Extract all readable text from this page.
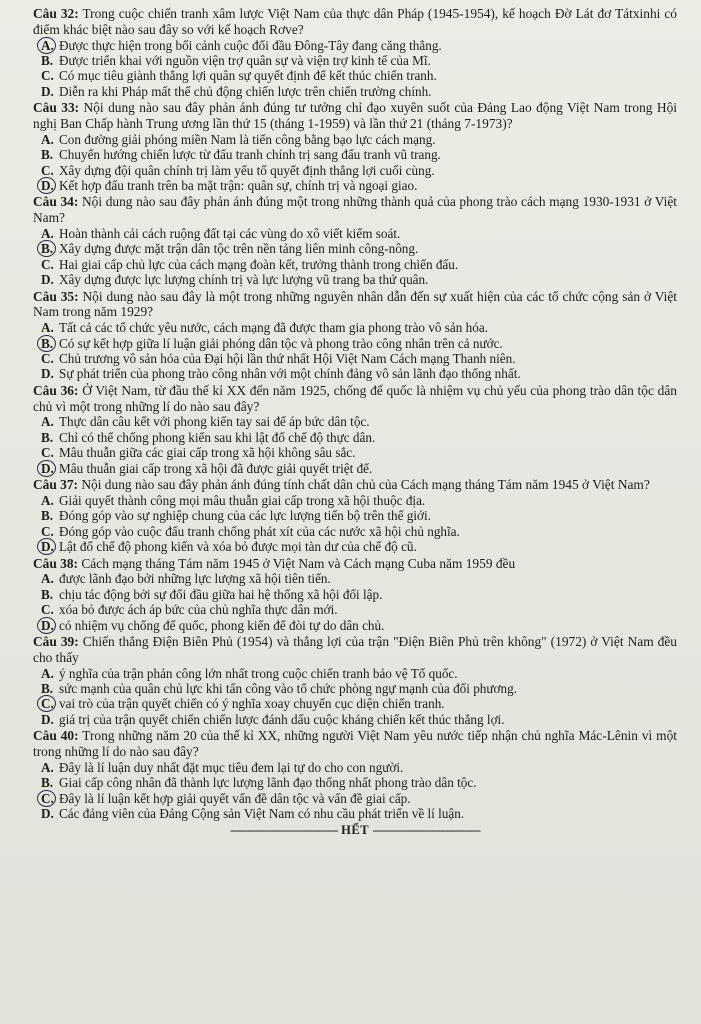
Câu 32: Trong cuộc chiến tranh xâm lược Việt Nam của thực dân Pháp (1945-1954), kế hoạch Đờ Lát đơ Tátxinhi có điểm khác biệt nào sau đây so với kế hoạch Rơve?

A. Được thực hiện trong bối cảnh cuộc đối đầu Đông-Tây đang căng thẳng.
B. Được triển khai với nguồn viện trợ quân sự và viện trợ kinh tế của Mĩ.
C. Có mục tiêu giành thắng lợi quân sự quyết định để kết thúc chiến tranh.
D. Diễn ra khi Pháp mất thế chủ động chiến lược trên chiến trường chính.

Câu 33: Nội dung nào sau đây phản ánh đúng tư tưởng chỉ đạo xuyên suốt của Đảng Lao động Việt Nam trong Hội nghị Ban Chấp hành Trung ương lần thứ 15 (tháng 1-1959) và lần thứ 21 (tháng 7-1973)?

A. Con đường giải phóng miền Nam là tiến công bằng bạo lực cách mạng.
B. Chuyển hướng chiến lược từ đấu tranh chính trị sang đấu tranh vũ trang.
C. Xây dựng đội quân chính trị làm yếu tố quyết định thắng lợi cuối cùng.
D. Kết hợp đấu tranh trên ba mặt trận: quân sự, chính trị và ngoại giao.

Câu 34: Nội dung nào sau đây phản ánh đúng một trong những thành quả của phong trào cách mạng 1930-1931 ở Việt Nam?

A. Hoàn thành cải cách ruộng đất tại các vùng do xô viết kiểm soát.
B. Xây dựng được mặt trận dân tộc trên nền tảng liên minh công-nông.
C. Hai giai cấp chủ lực của cách mạng đoàn kết, trưởng thành trong chiến đấu.
D. Xây dựng được lực lượng chính trị và lực lượng vũ trang ba thứ quân.

Câu 35: Nội dung nào sau đây là một trong những nguyên nhân dẫn đến sự xuất hiện của các tổ chức cộng sản ở Việt Nam trong năm 1929?

A. Tất cả các tổ chức yêu nước, cách mạng đã được tham gia phong trào vô sản hóa.
B. Có sự kết hợp giữa lí luận giải phóng dân tộc và phong trào công nhân trên cả nước.
C. Chủ trương vô sản hóa của Đại hội lần thứ nhất Hội Việt Nam Cách mạng Thanh niên.
D. Sự phát triển của phong trào công nhân với một chính đảng vô sản lãnh đạo thống nhất.

Câu 36: Ở Việt Nam, từ đầu thế kỉ XX đến năm 1925, chống đế quốc là nhiệm vụ chủ yếu của phong trào dân tộc dân chủ vì một trong những lí do nào sau đây?

A. Thực dân câu kết với phong kiến tay sai để áp bức dân tộc.
B. Chỉ có thể chống phong kiến sau khi lật đổ chế độ thực dân.
C. Mâu thuẫn giữa các giai cấp trong xã hội không sâu sắc.
D. Mâu thuẫn giai cấp trong xã hội đã được giải quyết triệt để.

Câu 37: Nội dung nào sau đây phản ánh đúng tính chất dân chủ của Cách mạng tháng Tám năm 1945 ở Việt Nam?

A. Giải quyết thành công mọi mâu thuẫn giai cấp trong xã hội thuộc địa.
B. Đóng góp vào sự nghiệp chung của các lực lượng tiến bộ trên thế giới.
C. Đóng góp vào cuộc đấu tranh chống phát xít của các nước xã hội chủ nghĩa.
D. Lật đổ chế độ phong kiến và xóa bỏ được mọi tàn dư của chế độ cũ.

Câu 38: Cách mạng tháng Tám năm 1945 ở Việt Nam và Cách mạng Cuba năm 1959 đều

A. được lãnh đạo bởi những lực lượng xã hội tiên tiến.
B. chịu tác động bởi sự đối đầu giữa hai hệ thống xã hội đối lập.
C. xóa bỏ được ách áp bức của chủ nghĩa thực dân mới.
D. có nhiệm vụ chống đế quốc, phong kiến để đòi tự do dân chủ.

Câu 39: Chiến thắng Điện Biên Phủ (1954) và thắng lợi của trận "Điện Biên Phủ trên không" (1972) ở Việt Nam đều cho thấy

A. ý nghĩa của trận phản công lớn nhất trong cuộc chiến tranh bảo vệ Tổ quốc.
B. sức mạnh của quân chủ lực khi tấn công vào tổ chức phòng ngự mạnh của đối phương.
C. vai trò của trận quyết chiến có ý nghĩa xoay chuyển cục diện chiến tranh.
D. giá trị của trận quyết chiến chiến lược đánh dấu cuộc kháng chiến kết thúc thắng lợi.

Câu 40: Trong những năm 20 của thế kỉ XX, những người Việt Nam yêu nước tiếp nhận chủ nghĩa Mác-Lênin vì một trong những lí do nào sau đây?

A. Đây là lí luận duy nhất đặt mục tiêu đem lại tự do cho con người.
B. Giai cấp công nhân đã thành lực lượng lãnh đạo thống nhất phong trào dân tộc.
C. Đây là lí luận kết hợp giải quyết vấn đề dân tộc và vấn đề giai cấp.
D. Các đảng viên của Đảng Cộng sản Việt Nam có nhu cầu phát triển về lí luận.
---------------------------------- HẾT ----------------------------------
